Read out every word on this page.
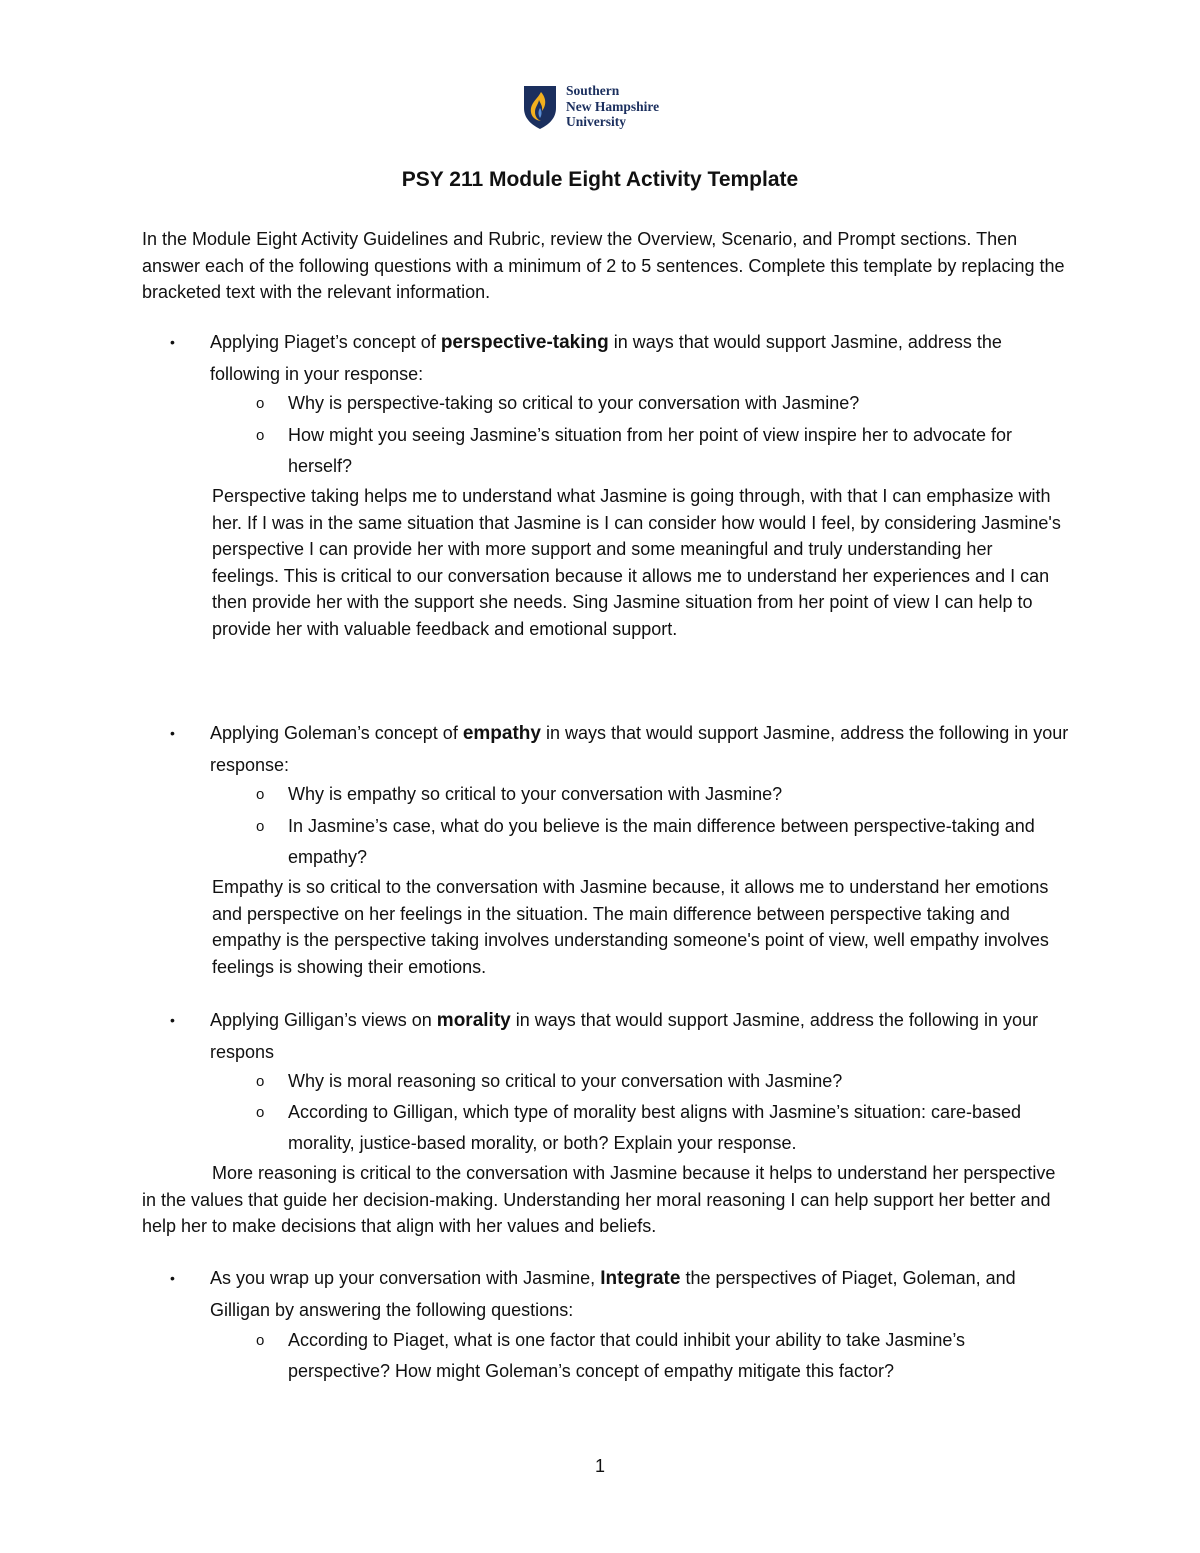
Southern
New Hampshire
University
PSY 211 Module Eight Activity Template

In the Module Eight Activity Guidelines and Rubric, review the Overview, Scenario, and Prompt sections. Then answer each of the following questions with a minimum of 2 to 5 sentences. Complete this template by replacing the bracketed text with the relevant information.

• Applying Piaget’s concept of perspective-taking in ways that would support Jasmine, address the following in your response:
o Why is perspective-taking so critical to your conversation with Jasmine?
o How might you seeing Jasmine’s situation from her point of view inspire her to advocate for herself?

Perspective taking helps me to understand what Jasmine is going through, with that I can emphasize with her. If I was in the same situation that Jasmine is I can consider how would I feel, by considering Jasmine's perspective I can provide her with more support and some meaningful and truly understanding her feelings. This is critical to our conversation because it allows me to understand her experiences and I can then provide her with the support she needs. Sing Jasmine situation from her point of view I can help to provide her with valuable feedback and emotional support.

• Applying Goleman’s concept of empathy in ways that would support Jasmine, address the following in your response:
o Why is empathy so critical to your conversation with Jasmine?
o In Jasmine’s case, what do you believe is the main difference between perspective-taking and empathy?

Empathy is so critical to the conversation with Jasmine because, it allows me to understand her emotions and perspective on her feelings in the situation. The main difference between perspective taking and empathy is the perspective taking involves understanding someone's point of view, well empathy involves feelings is showing their emotions.

• Applying Gilligan’s views on morality in ways that would support Jasmine, address the following in your respons
o Why is moral reasoning so critical to your conversation with Jasmine?
o According to Gilligan, which type of morality best aligns with Jasmine’s situation: care-based morality, justice-based morality, or both? Explain your response.

More reasoning is critical to the conversation with Jasmine because it helps to understand her perspective in the values that guide her decision-making. Understanding her moral reasoning I can help support her better and help her to make decisions that align with her values and beliefs.

• As you wrap up your conversation with Jasmine, Integrate the perspectives of Piaget, Goleman, and Gilligan by answering the following questions:
o According to Piaget, what is one factor that could inhibit your ability to take Jasmine’s perspective? How might Goleman’s concept of empathy mitigate this factor?
1
